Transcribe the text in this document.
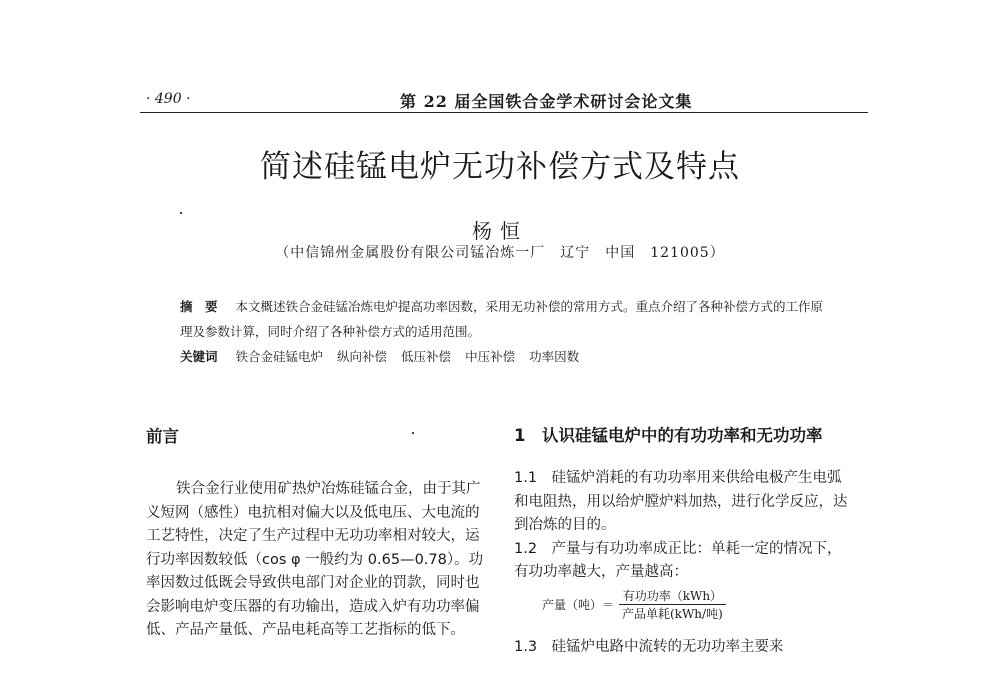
· 490 ·	第 22 届全国铁合金学术研讨会论文集
简述硅锰电炉无功补偿方式及特点
杨恒
（中信锦州金属股份有限公司锰冶炼一厂　辽宁　中国　121005）
摘　要 本文概述铁合金硅锰冶炼电炉提高功率因数，采用无功补偿的常用方式。重点介绍了各种补偿方式的工作原理及参数计算，同时介绍了各种补偿方式的适用范围。
关键词 铁合金硅锰电炉 纵向补偿 低压补偿 中压补偿 功率因数
前言
铁合金行业使用矿热炉冶炼硅锰合金，由于其广义短网（感性）电抗相对偏大以及低电压、大电流的工艺特性，决定了生产过程中无功功率相对较大，运行功率因数较低（cos φ 一般约为 0.65—0.78）。功率因数过低既会导致供电部门对企业的罚款，同时也会影响电炉变压器的有功输出，造成入炉有功功率偏低、产品产量低、产品电耗高等工艺指标的低下。
1　认识硅锰电炉中的有功功率和无功功率
1.1　硅锰炉消耗的有功功率用来供给电极产生电弧和电阻热，用以给炉膛炉料加热，进行化学反应，达到冶炼的目的。
1.2　产量与有功功率成正比：单耗一定的情况下，有功功率越大，产量越高：
产量（吨）＝ $\frac{\text{有功功率（kWh）}}{\text{产品单耗(kWh/吨)}}$
1.3　硅锰炉电路中流转的无功功率主要来
